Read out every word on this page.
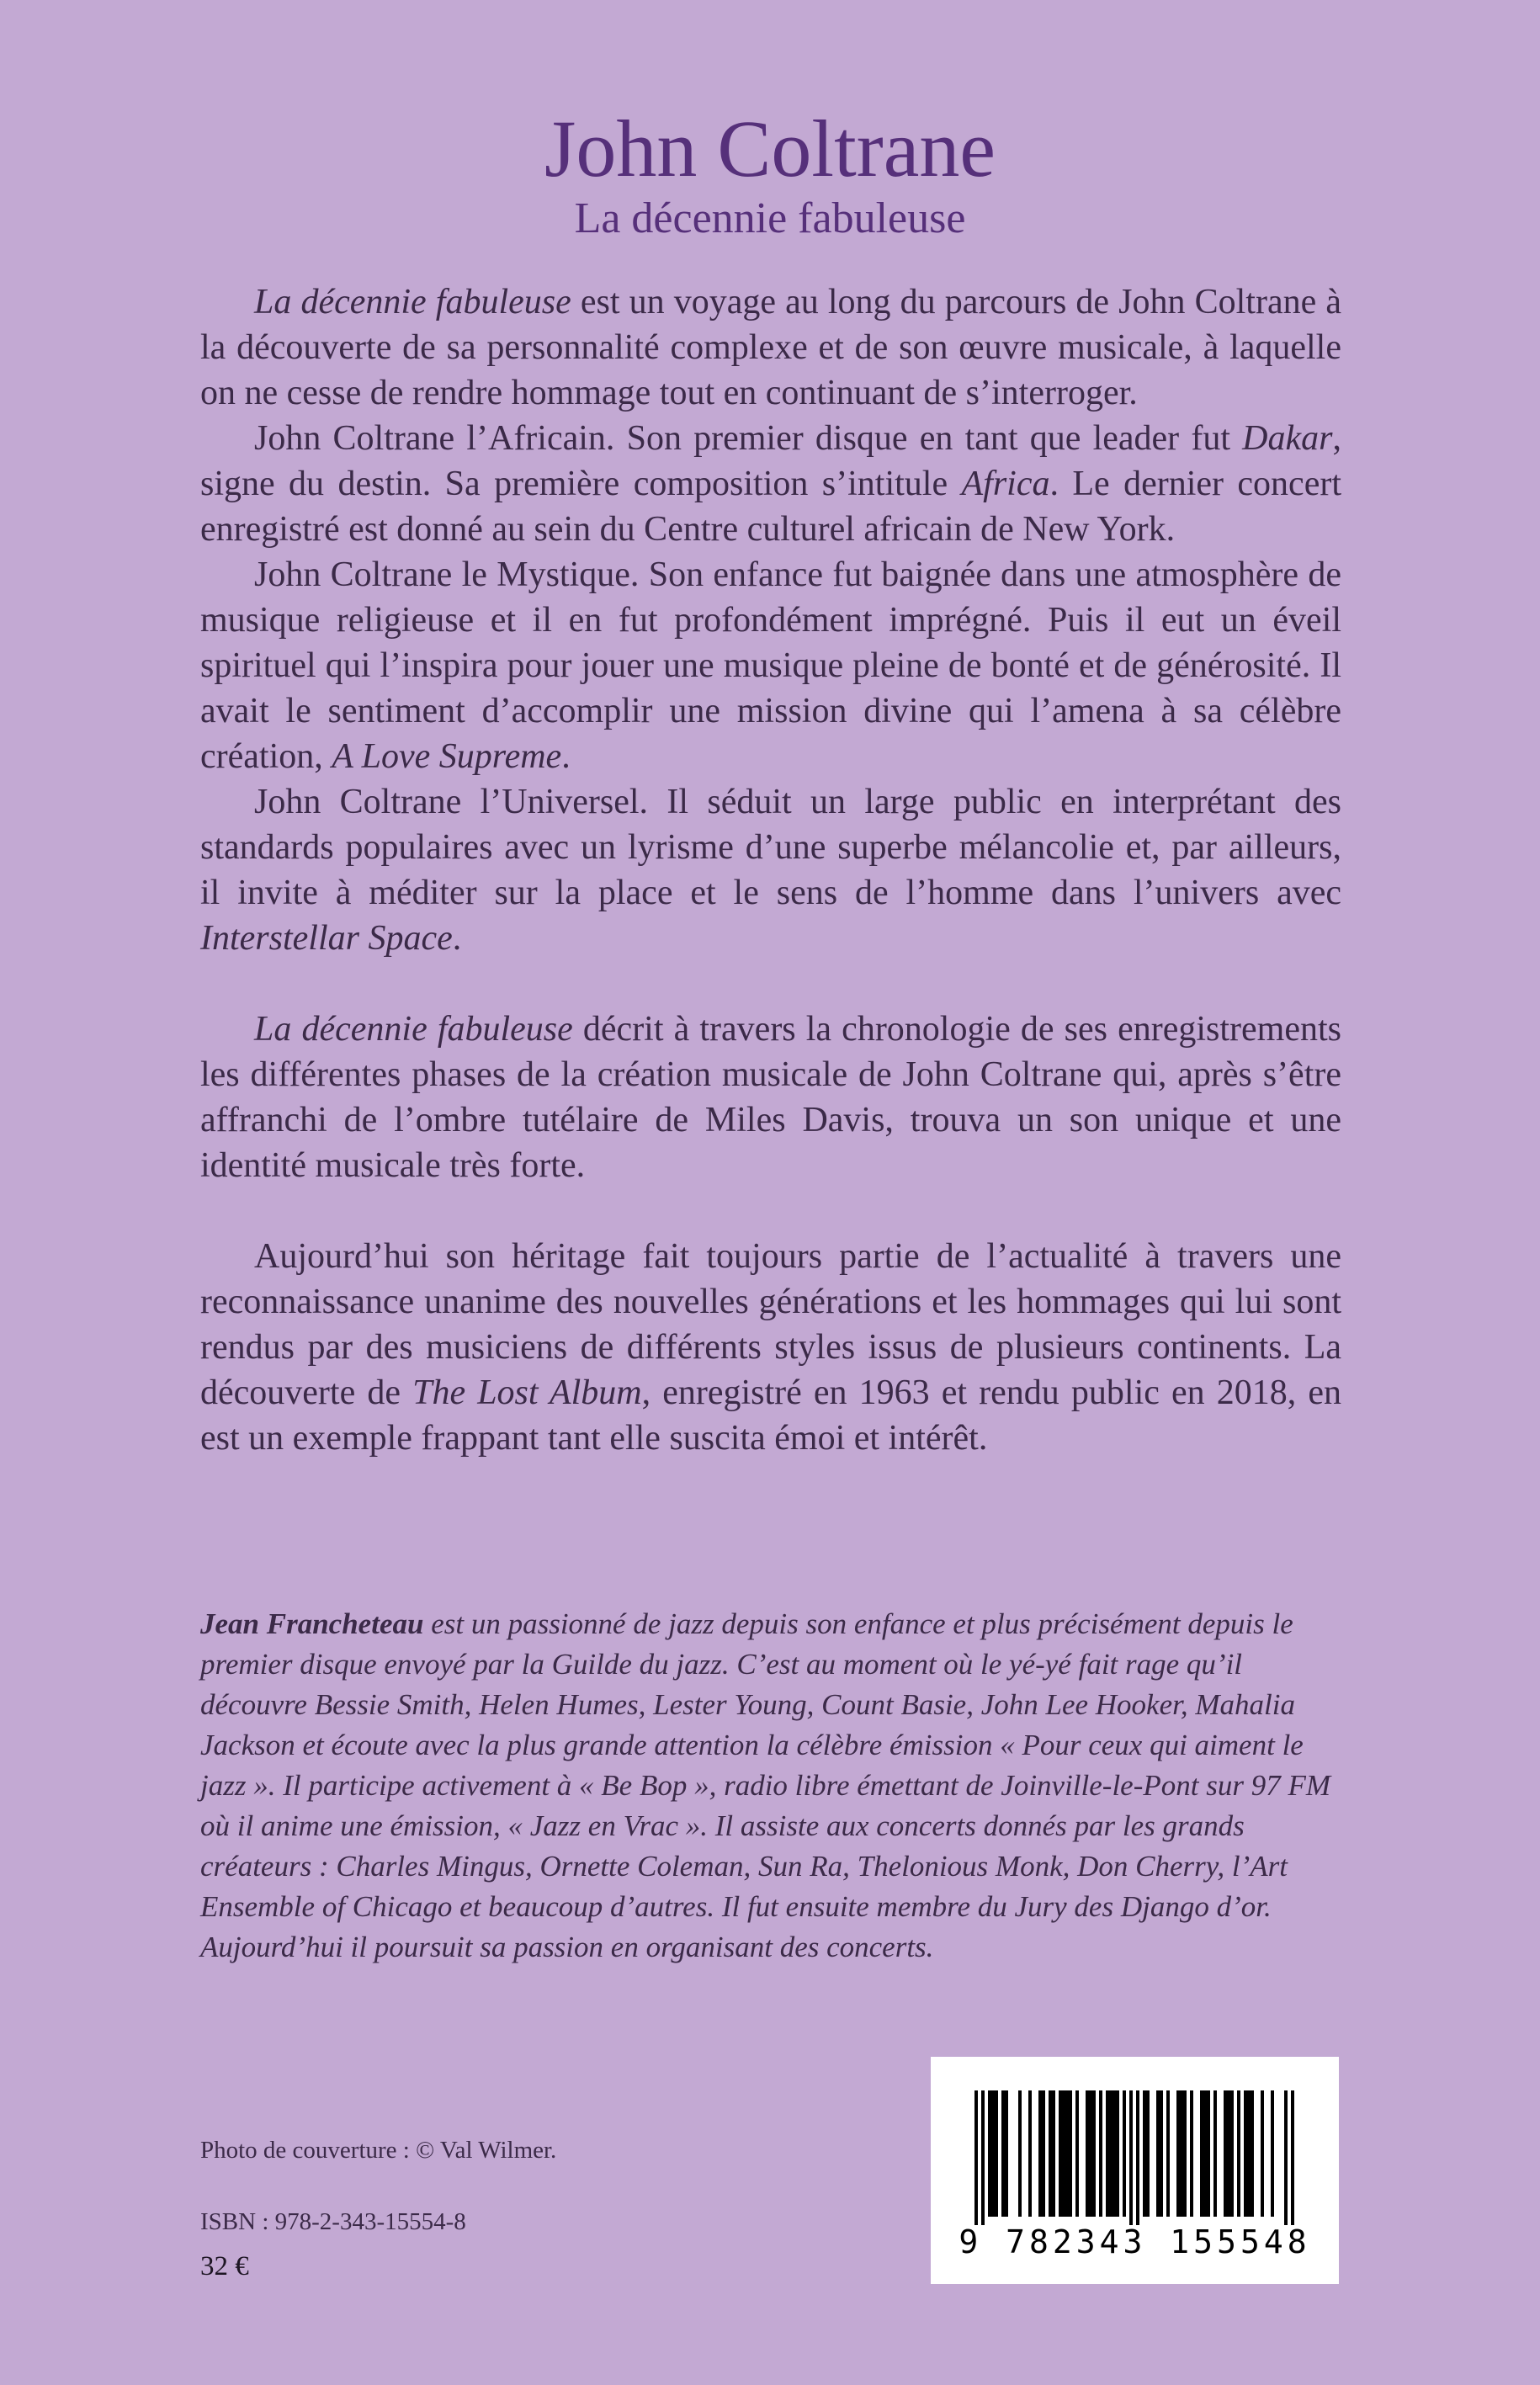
John Coltrane
La décennie fabuleuse

La décennie fabuleuse est un voyage au long du parcours de John Coltrane à la découverte de sa personnalité complexe et de son œuvre musicale, à laquelle on ne cesse de rendre hommage tout en continuant de s’interroger.

John Coltrane l’Africain. Son premier disque en tant que leader fut Dakar, signe du destin. Sa première composition s’intitule Africa. Le dernier concert enregistré est donné au sein du Centre culturel africain de New York.

John Coltrane le Mystique. Son enfance fut baignée dans une atmosphère de musique religieuse et il en fut profondément imprégné. Puis il eut un éveil spirituel qui l’inspira pour jouer une musique pleine de bonté et de générosité. Il avait le sentiment d’accomplir une mission divine qui l’amena à sa célèbre création, A Love Supreme.

John Coltrane l’Universel. Il séduit un large public en interprétant des standards populaires avec un lyrisme d’une superbe mélancolie et, par ailleurs, il invite à méditer sur la place et le sens de l’homme dans l’univers avec Interstellar Space.

La décennie fabuleuse décrit à travers la chronologie de ses enregistrements les différentes phases de la création musicale de John Coltrane qui, après s’être affranchi de l’ombre tutélaire de Miles Davis, trouva un son unique et une identité musicale très forte.

Aujourd’hui son héritage fait toujours partie de l’actualité à travers une reconnaissance unanime des nouvelles générations et les hommages qui lui sont rendus par des musiciens de différents styles issus de plusieurs continents. La découverte de The Lost Album, enregistré en 1963 et rendu public en 2018, en est un exemple frappant tant elle suscita émoi et intérêt.

Jean Francheteau est un passionné de jazz depuis son enfance et plus précisément depuis le premier disque envoyé par la Guilde du jazz. C’est au moment où le yé-yé fait rage qu’il découvre Bessie Smith, Helen Humes, Lester Young, Count Basie, John Lee Hooker, Mahalia Jackson et écoute avec la plus grande attention la célèbre émission « Pour ceux qui aiment le jazz ». Il participe activement à « Be Bop », radio libre émettant de Joinville-le-Pont sur 97 FM où il anime une émission, « Jazz en Vrac ». Il assiste aux concerts donnés par les grands créateurs : Charles Mingus, Ornette Coleman, Sun Ra, Thelonious Monk, Don Cherry, l’Art Ensemble of Chicago et beaucoup d’autres. Il fut ensuite membre du Jury des Django d’or. Aujourd’hui il poursuit sa passion en organisant des concerts.

Photo de couverture : © Val Wilmer.

ISBN : 978-2-343-15554-8

32 €

9 782343 155548
